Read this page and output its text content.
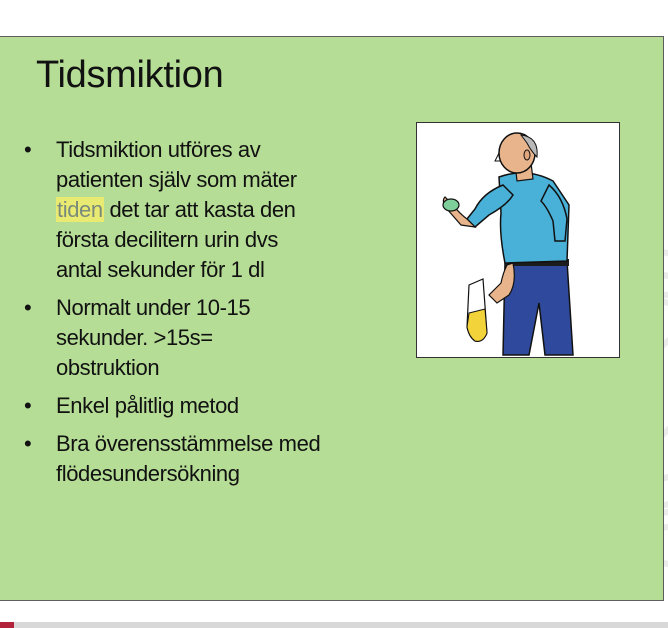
Tidsmiktion
• Tidsmiktion utföres av
patienten själv som mäter
tiden det tar att kasta den
första decilitern urin dvs
antal sekunder för 1 dl
• Normalt under 10-15
sekunder. >15s=
obstruktion
• Enkel pålitlig metod
• Bra överensstämmelse med
flödesundersökning
